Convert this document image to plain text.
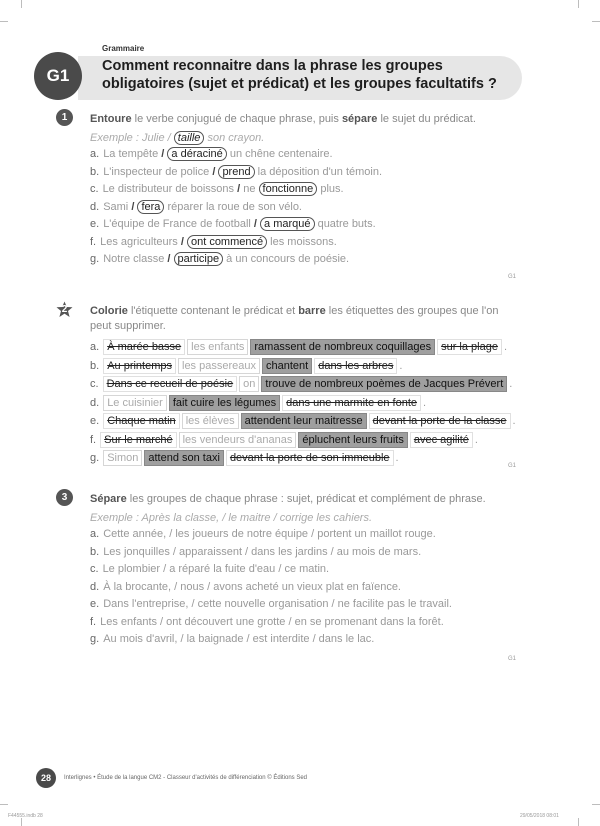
Grammaire
G1	Comment reconnaitre dans la phrase les groupes obligatoires (sujet et prédicat) et les groupes facultatifs ?
1	Entoure le verbe conjugué de chaque phrase, puis sépare le sujet du prédicat.
Exemple : Julie / taille son crayon.
a. La tempête / a déraciné un chêne centenaire.
b. L'inspecteur de police / prend la déposition d'un témoin.
c. Le distributeur de boissons / ne fonctionne plus.
d. Sami / fera réparer la roue de son vélo.
e. L'équipe de France de football / a marqué quatre buts.
f. Les agriculteurs / ont commencé les moissons.
g. Notre classe / participe à un concours de poésie.
G1
2	Colorie l'étiquette contenant le prédicat et barre les étiquettes des groupes que l'on peut supprimer.
a. À marée basse les enfants ramassent de nombreux coquillages sur la plage .
b. Au printemps les passereaux chantent dans les arbres .
c. Dans ce recueil de poésie on trouve de nombreux poèmes de Jacques Prévert .
d. Le cuisinier fait cuire les légumes dans une marmite en fonte .
e. Chaque matin les élèves attendent leur maitresse devant la porte de la classe .
f. Sur le marché les vendeurs d'ananas épluchent leurs fruits avec agilité .
g. Simon attend son taxi devant la porte de son immeuble .
G1
3	Sépare les groupes de chaque phrase : sujet, prédicat et complément de phrase.
Exemple : Après la classe, / le maitre / corrige les cahiers.
a. Cette année, / les joueurs de notre équipe / portent un maillot rouge.
b. Les jonquilles / apparaissent / dans les jardins / au mois de mars.
c. Le plombier / a réparé la fuite d'eau / ce matin.
d. À la brocante, / nous / avons acheté un vieux plat en faïence.
e. Dans l'entreprise, / cette nouvelle organisation / ne facilite pas le travail.
f. Les enfants / ont découvert une grotte / en se promenant dans la forêt.
g. Au mois d'avril, / la baignade / est interdite / dans le lac.
G1
28	Interlignes • Étude de la langue CM2 - Classeur d'activités de différenciation © Éditions Sed
F44555.indb 28	29/05/2018 08:01
